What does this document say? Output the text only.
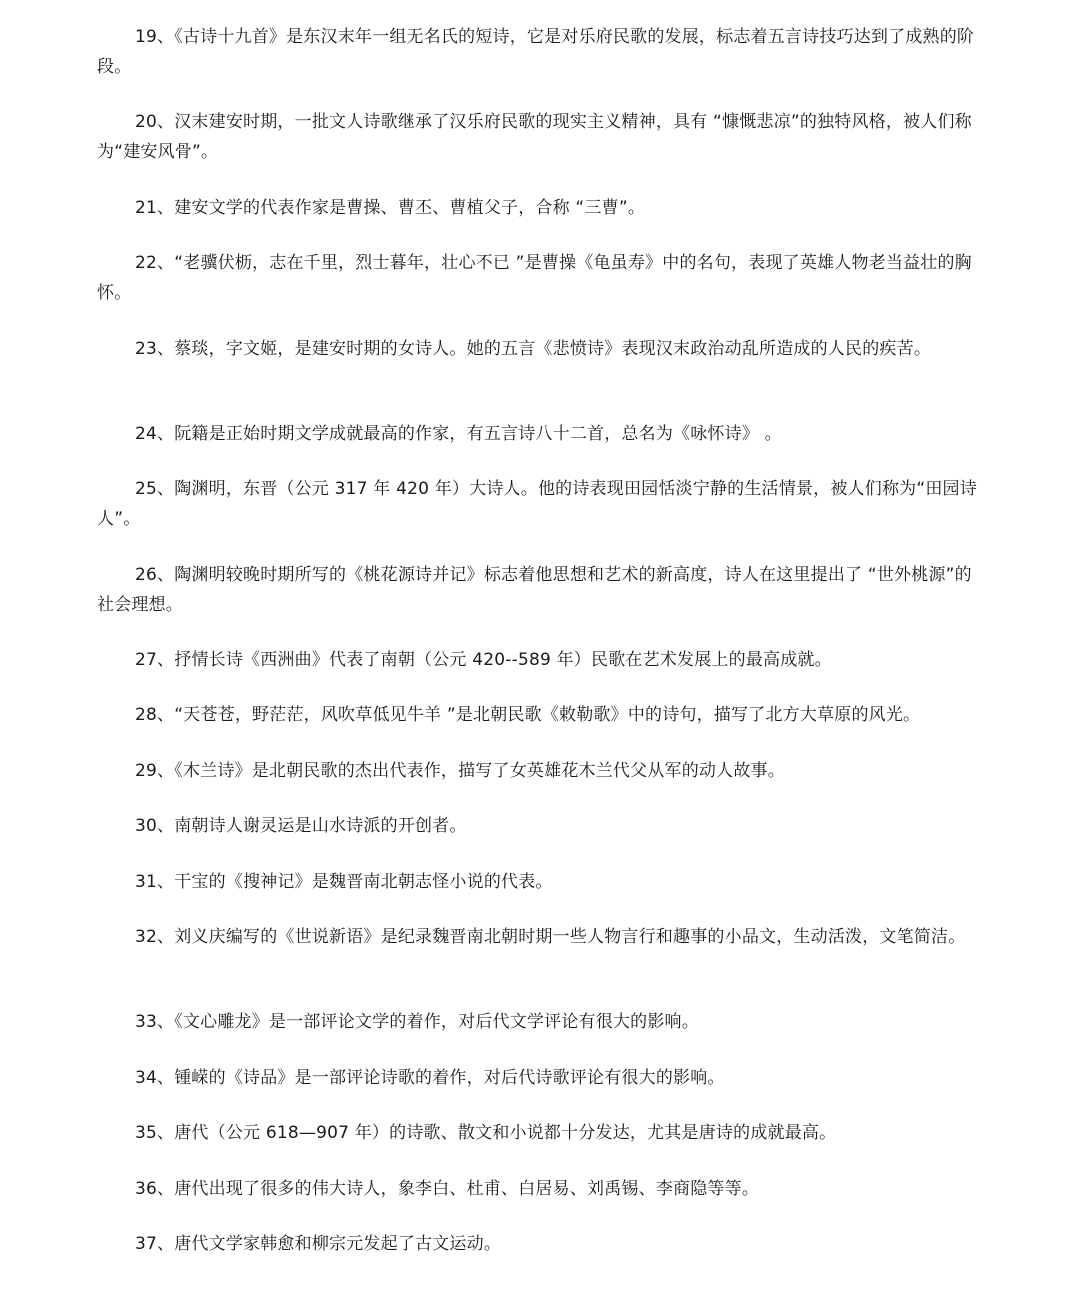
19、《古诗十九首》是东汉末年一组无名氏的短诗，它是对乐府民歌的发展，标志着五言诗技巧达到了成熟的阶段。

20、汉末建安时期，一批文人诗歌继承了汉乐府民歌的现实主义精神，具有 “慷慨悲凉”的独特风格，被人们称为“建安风骨”。

21、建安文学的代表作家是曹操、曹丕、曹植父子，合称 “三曹”。

22、“老骥伏枥，志在千里，烈士暮年，壮心不已 ”是曹操《龟虽寿》中的名句，表现了英雄人物老当益壮的胸怀。

23、蔡琰，字文姬，是建安时期的女诗人。她的五言《悲愤诗》表现汉末政治动乱所造成的人民的疾苦。

24、阮籍是正始时期文学成就最高的作家，有五言诗八十二首，总名为《咏怀诗》 。

25、陶渊明，东晋（公元 317 年 420 年）大诗人。他的诗表现田园恬淡宁静的生活情景，被人们称为“田园诗人”。

26、陶渊明较晚时期所写的《桃花源诗并记》标志着他思想和艺术的新高度，诗人在这里提出了 “世外桃源”的社会理想。

27、抒情长诗《西洲曲》代表了南朝（公元 420--589 年）民歌在艺术发展上的最高成就。

28、“天苍苍，野茫茫，风吹草低见牛羊 ”是北朝民歌《敕勒歌》中的诗句，描写了北方大草原的风光。

29、《木兰诗》是北朝民歌的杰出代表作，描写了女英雄花木兰代父从军的动人故事。

30、南朝诗人谢灵运是山水诗派的开创者。

31、干宝的《搜神记》是魏晋南北朝志怪小说的代表。

32、刘义庆编写的《世说新语》是纪录魏晋南北朝时期一些人物言行和趣事的小品文，生动活泼，文笔简洁。

33、《文心雕龙》是一部评论文学的着作，对后代文学评论有很大的影响。

34、锺嵘的《诗品》是一部评论诗歌的着作，对后代诗歌评论有很大的影响。

35、唐代（公元 618—907 年）的诗歌、散文和小说都十分发达，尤其是唐诗的成就最高。

36、唐代出现了很多的伟大诗人，象李白、杜甫、白居易、刘禹锡、李商隐等等。

37、唐代文学家韩愈和柳宗元发起了古文运动。
